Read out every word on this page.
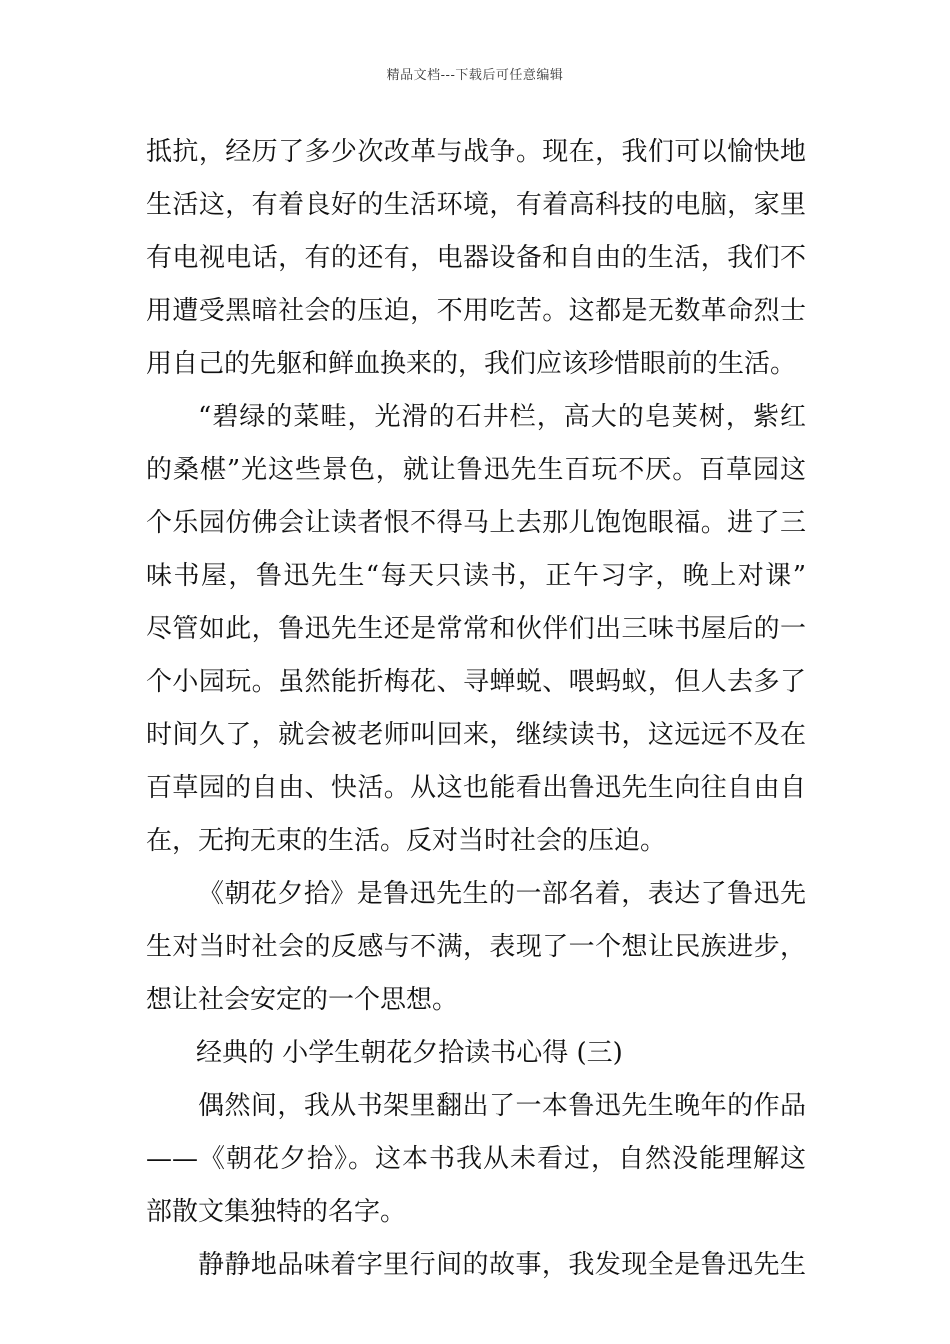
精品文档---下载后可任意编辑
抵抗，经历了多少次改革与战争。现在，我们可以愉快地
生活这，有着良好的生活环境，有着高科技的电脑，家里
有电视电话，有的还有，电器设备和自由的生活，我们不
用遭受黑暗社会的压迫，不用吃苦。这都是无数革命烈士
用自己的先躯和鲜血换来的，我们应该珍惜眼前的生活。
“碧绿的菜畦，光滑的石井栏，高大的皂荚树，紫红
的桑椹”光这些景色，就让鲁迅先生百玩不厌。百草园这
个乐园仿佛会让读者恨不得马上去那儿饱饱眼福。进了三
味书屋，鲁迅先生“每天只读书，正午习字，晚上对课”
尽管如此，鲁迅先生还是常常和伙伴们出三味书屋后的一
个小园玩。虽然能折梅花、寻蝉蜕、喂蚂蚁，但人去多了
时间久了，就会被老师叫回来，继续读书，这远远不及在
百草园的自由、快活。从这也能看出鲁迅先生向往自由自
在，无拘无束的生活。反对当时社会的压迫。
《朝花夕拾》是鲁迅先生的一部名着，表达了鲁迅先
生对当时社会的反感与不满，表现了一个想让民族进步，
想让社会安定的一个思想。
经典的 小学生朝花夕拾读书心得 (三)
偶然间，我从书架里翻出了一本鲁迅先生晚年的作品
——《朝花夕拾》。这本书我从未看过，自然没能理解这
部散文集独特的名字。
静静地品味着字里行间的故事，我发现全是鲁迅先生
